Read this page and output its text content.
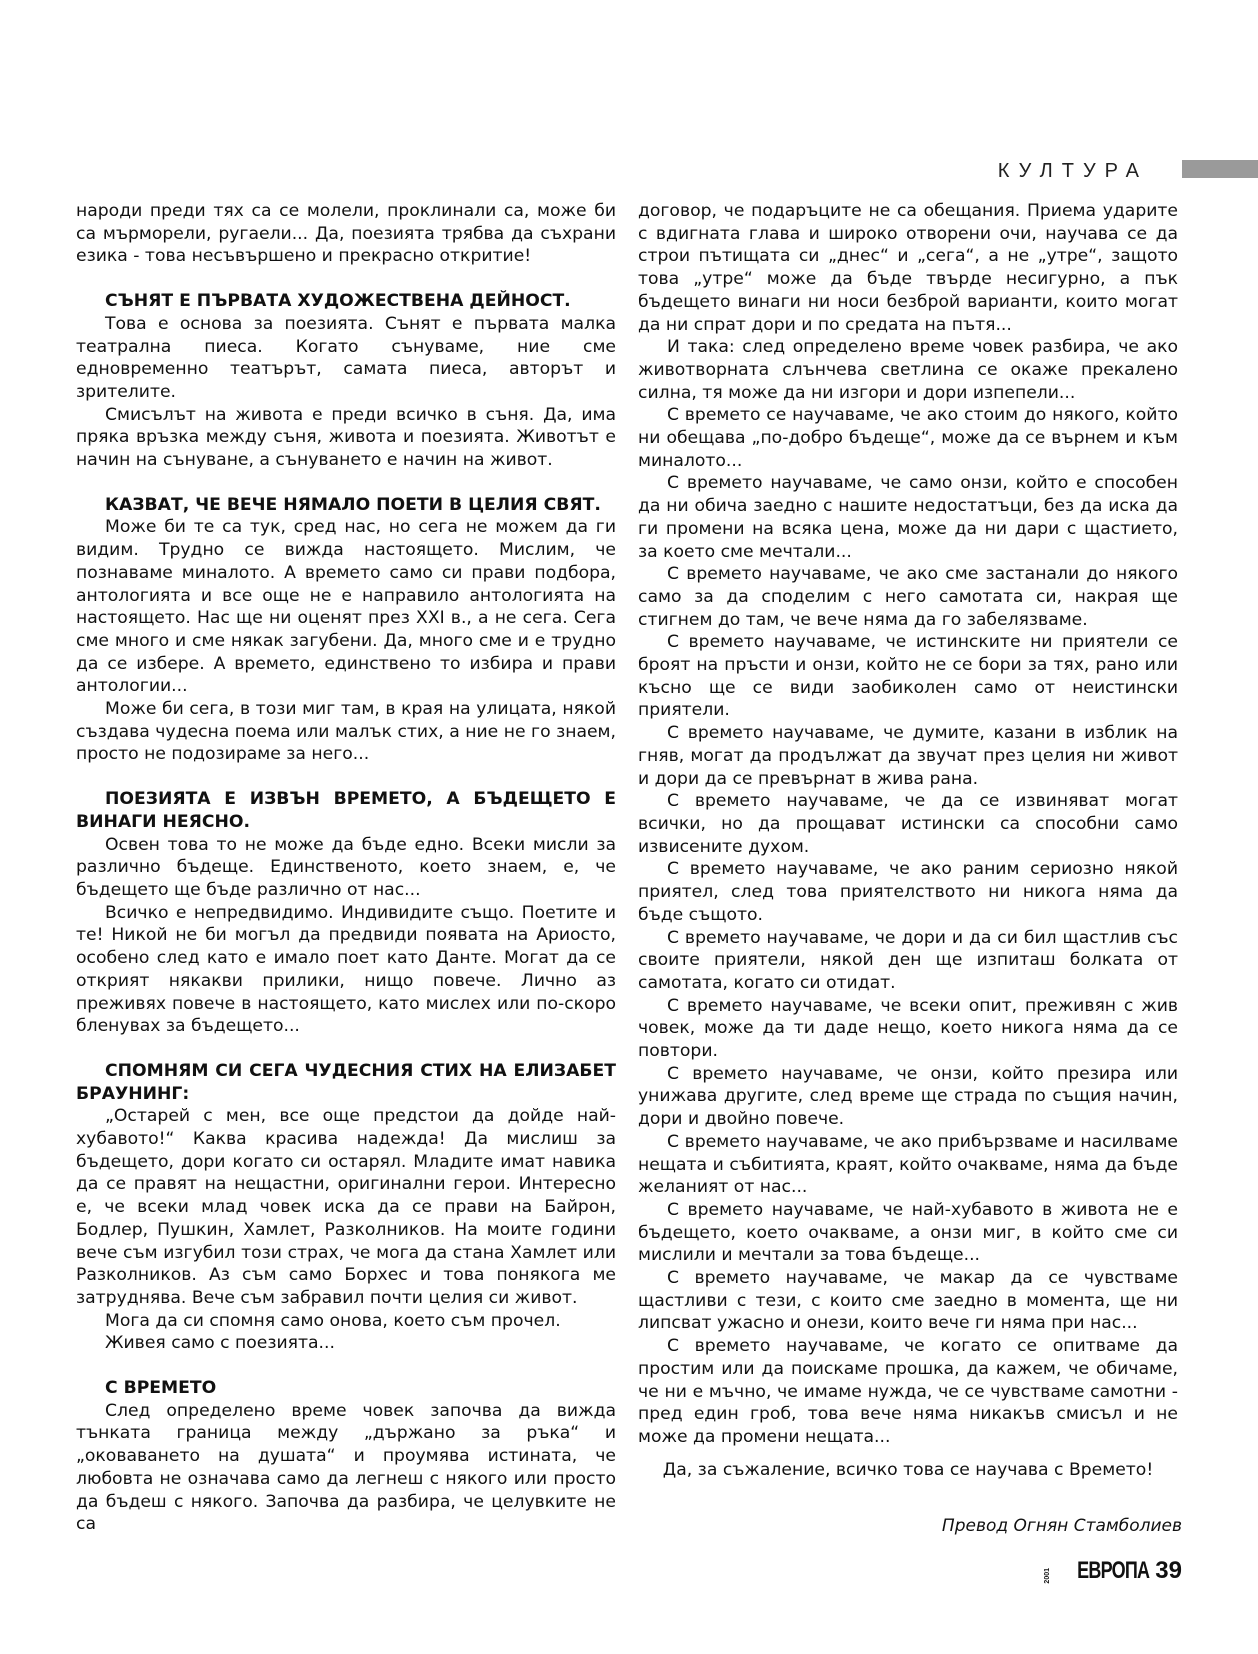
КУЛТУРА

народи преди тях са се молели, проклинали са, може би са мърморели, ругаели... Да, поезията трябва да съхрани езика - това несъвършено и прекрасно откритие!

СЪНЯТ Е ПЪРВАТА ХУДОЖЕСТВЕНА ДЕЙНОСТ.

Това е основа за поезията. Сънят е първата малка театрална пиеса. Когато сънуваме, ние сме едновременно театърът, самата пиеса, авторът и зрителите.

Смисълът на живота е преди всичко в съня. Да, има пряка връзка между съня, живота и поезията. Животът е начин на сънуване, а сънуването е начин на живот.

КАЗВАТ, ЧЕ ВЕЧЕ НЯМАЛО ПОЕТИ В ЦЕЛИЯ СВЯТ.

Може би те са тук, сред нас, но сега не можем да ги видим. Трудно се вижда настоящето. Мислим, че познаваме миналото. А времето само си прави подбора, антологията и все още не е направило антологията на настоящето. Нас ще ни оценят през XXI в., а не сега. Сега сме много и сме някак загубени. Да, много сме и е трудно да се избере. А времето, единствено то избира и прави антологии...

Може би сега, в този миг там, в края на улицата, някой създава чудесна поема или малък стих, а ние не го знаем, просто не подозираме за него...

ПОЕЗИЯТА Е ИЗВЪН ВРЕМЕТО, А БЪДЕЩЕТО Е ВИНАГИ НЕЯСНО.

Освен това то не може да бъде едно. Всеки мисли за различно бъдеще. Единственото, което знаем, е, че бъдещето ще бъде различно от нас...

Всичко е непредвидимо. Индивидите също. Поетите и те! Никой не би могъл да предвиди появата на Ариосто, особено след като е имало поет като Данте. Могат да се открият някакви прилики, нищо повече. Лично аз преживях повече в настоящето, като мислех или по-скоро бленувах за бъдещето...

СПОМНЯМ СИ СЕГА ЧУДЕСНИЯ СТИХ НА ЕЛИЗАБЕТ БРАУНИНГ:

„Остарей с мен, все още предстои да дойде най-хубавото!“ Каква красива надежда! Да мислиш за бъдещето, дори когато си остарял. Младите имат навика да се правят на нещастни, оригинални герои. Интересно е, че всеки млад човек иска да се прави на Байрон, Бодлер, Пушкин, Хамлет, Разколников. На моите години вече съм изгубил този страх, че мога да стана Хамлет или Разколников. Аз съм само Борхес и това понякога ме затруднява. Вече съм забравил почти целия си живот.

Мога да си спомня само онова, което съм прочел.

Живея само с поезията...

С ВРЕМЕТО

След определено време човек започва да вижда тънката граница между „държано за ръка“ и „оковаването на душата“ и проумява истината, че любовта не означава само да легнеш с някого или просто да бъдеш с някого. Започва да разбира, че целувките не са

договор, че подаръците не са обещания. Приема ударите с вдигната глава и широко отворени очи, научава се да строи пътищата си „днес“ и „сега“, а не „утре“, защото това „утре“ може да бъде твърде несигурно, а пък бъдещето винаги ни носи безброй варианти, които могат да ни спрат дори и по средата на пътя...

И така: след определено време човек разбира, че ако животворната слънчева светлина се окаже прекалено силна, тя може да ни изгори и дори изпепели...

С времето се научаваме, че ако стоим до някого, който ни обещава „по-добро бъдеще“, може да се върнем и към миналото...

С времето научаваме, че само онзи, който е способен да ни обича заедно с нашите недостатъци, без да иска да ги промени на всяка цена, може да ни дари с щастието, за което сме мечтали...

С времето научаваме, че ако сме застанали до някого само за да споделим с него самотата си, накрая ще стигнем до там, че вече няма да го забелязваме.

С времето научаваме, че истинските ни приятели се броят на пръсти и онзи, който не се бори за тях, рано или късно ще се види заобиколен само от неистински приятели.

С времето научаваме, че думите, казани в изблик на гняв, могат да продължат да звучат през целия ни живот и дори да се превърнат в жива рана.

С времето научаваме, че да се извиняват могат всички, но да прощават истински са способни само извисените духом.

С времето научаваме, че ако раним сериозно някой приятел, след това приятелството ни никога няма да бъде същото.

С времето научаваме, че дори и да си бил щастлив със своите приятели, някой ден ще изпиташ болката от самотата, когато си отидат.

С времето научаваме, че всеки опит, преживян с жив човек, може да ти даде нещо, което никога няма да се повтори.

С времето научаваме, че онзи, който презира или унижава другите, след време ще страда по същия начин, дори и двойно повече.

С времето научаваме, че ако прибързваме и насилваме нещата и събитията, краят, който очакваме, няма да бъде желаният от нас...

С времето научаваме, че най-хубавото в живота не е бъдещето, което очакваме, а онзи миг, в който сме си мислили и мечтали за това бъдеще...

С времето научаваме, че макар да се чувстваме щастливи с тези, с които сме заедно в момента, ще ни липсват ужасно и онези, които вече ги няма при нас...

С времето научаваме, че когато се опитваме да простим или да поискаме прошка, да кажем, че обичаме, че ни е мъчно, че имаме нужда, че се чувстваме самотни - пред един гроб, това вече няма никакъв смисъл и не може да промени нещата...

Да, за съжаление, всичко това се научава с Времето!

Превод Огнян Стамболиев
2001 ЕВРОПА 39
